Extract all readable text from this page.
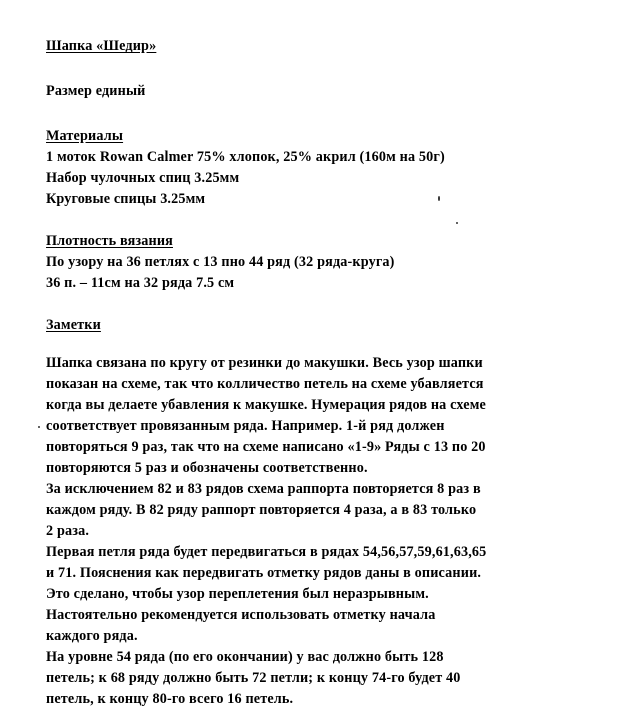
Шапка «Шедир»
Размер единый
Материалы
1 моток Rowan Calmer 75% хлопок, 25% акрил (160м на 50г)
Набор чулочных спиц 3.25мм
Круговые спицы 3.25мм
Плотность вязания
По узору на 36 петлях с 13 пно 44 ряд (32 ряда-круга)
36 п. – 11см на 32 ряда 7.5 см
Заметки
Шапка связана по кругу от резинки до макушки. Весь узор шапки
показан на схеме, так что колличество петель на схеме убавляется
когда вы делаете убавления к макушке. Нумерация рядов на схеме
соответствует провязанным ряда. Например. 1-й ряд должен
повторяться 9 раз, так что на схеме написано «1-9» Ряды с 13 по 20
повторяются 5 раз и обозначены соответственно.
За исключением 82 и 83 рядов схема раппорта повторяется 8 раз в
каждом ряду. В 82 ряду раппорт повторяется 4 раза, а в 83 только
2 раза.
Первая петля ряда будет передвигаться в рядах 54,56,57,59,61,63,65
и 71. Пояснения как передвигать отметку рядов даны в описании.
Это сделано, чтобы узор переплетения был неразрывным.
Настоятельно рекомендуется использовать отметку начала
каждого ряда.
На уровне 54 ряда (по его окончании) у вас должно быть 128
петель; к 68 ряду должно быть 72 петли; к концу 74-го будет 40
петель, к концу 80-го всего 16 петель.
